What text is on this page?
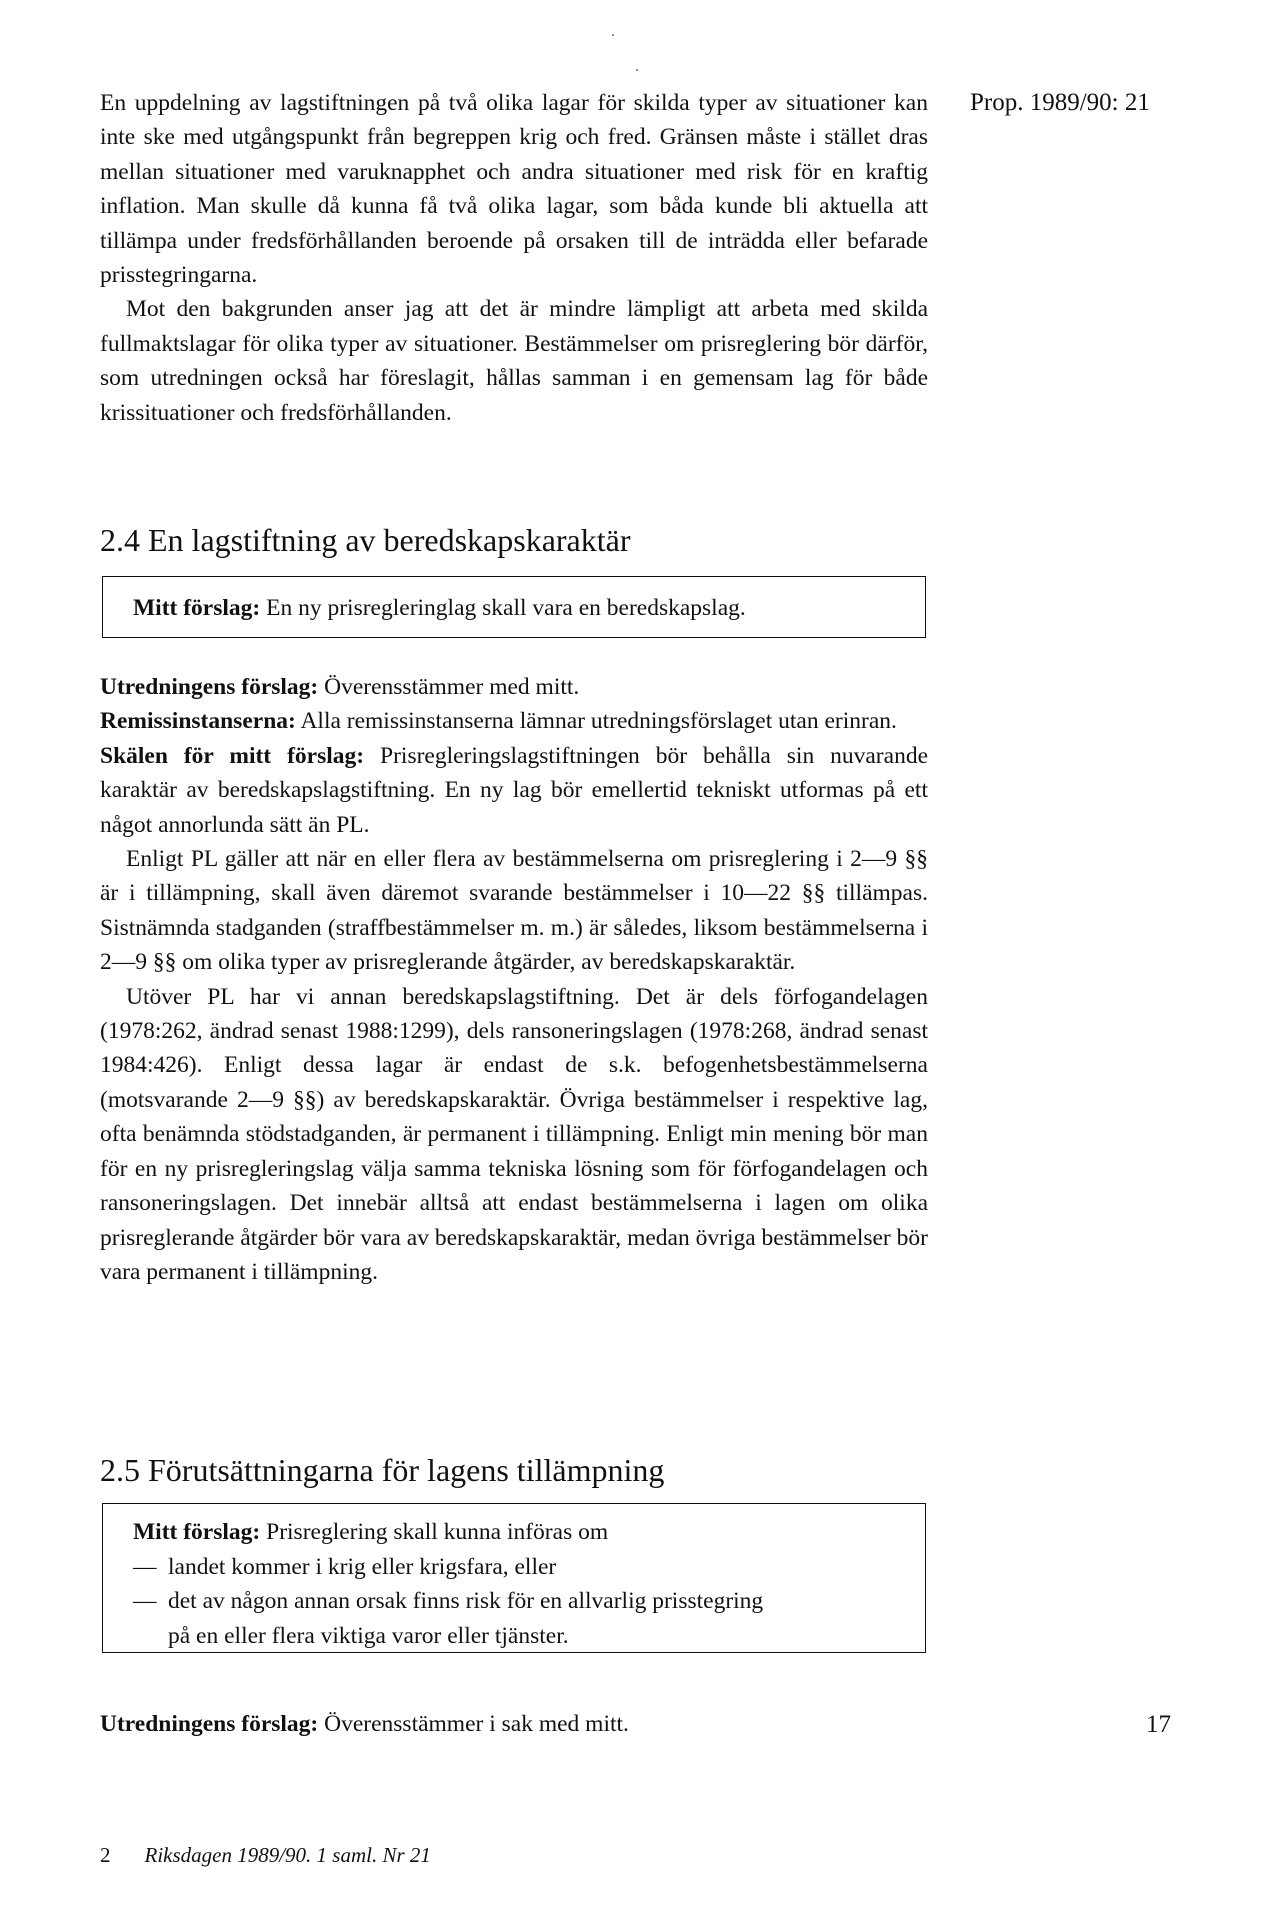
Prop. 1989/90: 21

En uppdelning av lagstiftningen på två olika lagar för skilda typer av situationer kan inte ske med utgångspunkt från begreppen krig och fred. Gränsen måste i stället dras mellan situationer med varuknapphet och andra situationer med risk för en kraftig inflation. Man skulle då kunna få två olika lagar, som båda kunde bli aktuella att tillämpa under fredsförhållanden beroende på orsaken till de inträdda eller befarade prisstegringarna.

Mot den bakgrunden anser jag att det är mindre lämpligt att arbeta med skilda fullmaktslagar för olika typer av situationer. Bestämmelser om prisreglering bör därför, som utredningen också har föreslagit, hållas samman i en gemensam lag för både krissituationer och fredsförhållanden.

2.4 En lagstiftning av beredskapskaraktär

Mitt förslag: En ny prisregleringlag skall vara en beredskapslag.

Utredningens förslag: Överensstämmer med mitt.

Remissinstanserna: Alla remissinstanserna lämnar utredningsförslaget utan erinran.

Skälen för mitt förslag: Prisregleringslagstiftningen bör behålla sin nuvarande karaktär av beredskapslagstiftning. En ny lag bör emellertid tekniskt utformas på ett något annorlunda sätt än PL.

Enligt PL gäller att när en eller flera av bestämmelserna om prisreglering i 2—9 §§ är i tillämpning, skall även däremot svarande bestämmelser i 10—22 §§ tillämpas. Sistnämnda stadganden (straffbestämmelser m. m.) är således, liksom bestämmelserna i 2—9 §§ om olika typer av prisreglerande åtgärder, av beredskapskaraktär.

Utöver PL har vi annan beredskapslagstiftning. Det är dels förfogandelagen (1978:262, ändrad senast 1988:1299), dels ransoneringslagen (1978:268, ändrad senast 1984:426). Enligt dessa lagar är endast de s.k. befogenhetsbestämmelserna (motsvarande 2—9 §§) av beredskapskaraktär. Övriga bestämmelser i respektive lag, ofta benämnda stödstadganden, är permanent i tillämpning. Enligt min mening bör man för en ny prisregleringslag välja samma tekniska lösning som för förfogandelagen och ransoneringslagen. Det innebär alltså att endast bestämmelserna i lagen om olika prisreglerande åtgärder bör vara av beredskapskaraktär, medan övriga bestämmelser bör vara permanent i tillämpning.

2.5 Förutsättningarna för lagens tillämpning

Mitt förslag: Prisreglering skall kunna införas om

— landet kommer i krig eller krigsfara, eller
— det av någon annan orsak finns risk för en allvarlig prisstegring
på en eller flera viktiga varor eller tjänster.

Utredningens förslag: Överensstämmer i sak med mitt.	17
2 Riksdagen 1989/90. 1 saml. Nr 21
